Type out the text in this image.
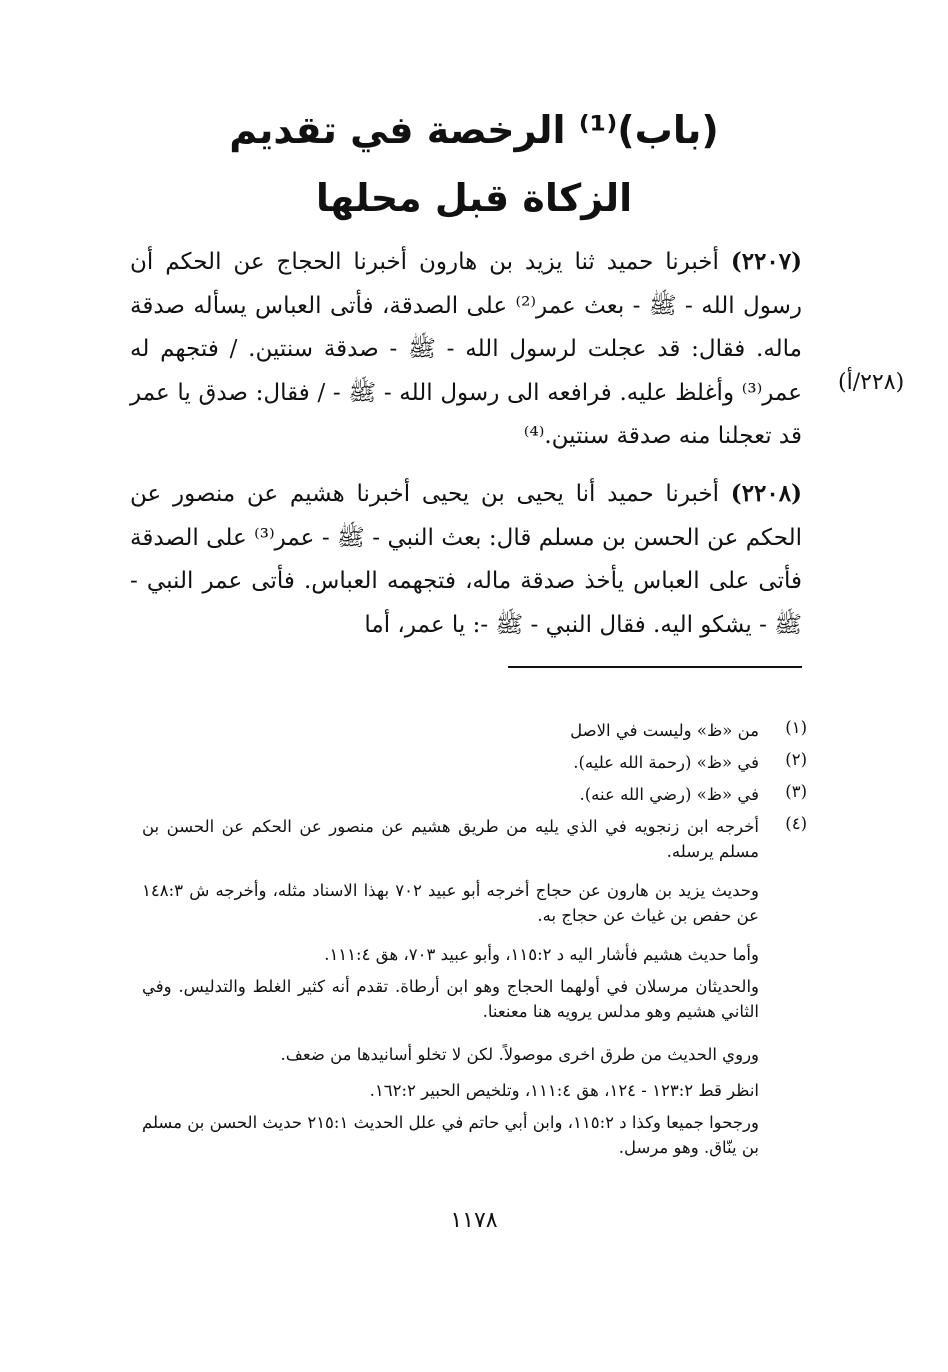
(باب)⁽¹⁾ الرخصة في تقديم
الزكاة قبل محلها
(٢٢٠٧) أخبرنا حميد ثنا يزيد بن هارون أخبرنا الحجاج عن الحكم أن رسول الله - ﷺ - بعث عمر⁽²⁾ على الصدقة، فأتى العباس يسأله صدقة ماله. فقال: قد عجلت لرسول الله - ﷺ - صدقة سنتين. / فتجهم له عمر⁽³⁾ وأغلظ عليه. فرافعه الى رسول الله - ﷺ - / فقال: صدق يا عمر قد تعجلنا منه صدقة سنتين.⁽⁴⁾
(٢٢٨/أ)
(٢٢٠٨) أخبرنا حميد أنا يحيى بن يحيى أخبرنا هشيم عن منصور عن الحكم عن الحسن بن مسلم قال: بعث النبي - ﷺ - عمر⁽³⁾ على الصدقة فأتى على العباس يأخذ صدقة ماله، فتجهمه العباس. فأتى عمر النبي - ﷺ - يشكو اليه. فقال النبي - ﷺ -: يا عمر، أما
(١)
من «ظ» وليست في الاصل
(٢)
في «ظ» (رحمة الله عليه).
(٣)
في «ظ» (رضي الله عنه).
(٤)
أخرجه ابن زنجويه في الذي يليه من طريق هشيم عن منصور عن الحكم عن الحسن بن مسلم يرسله.
وحديث يزيد بن هارون عن حجاج أخرجه أبو عبيد ٧٠٢ بهذا الاسناد مثله، وأخرجه ش ١٤٨:٣ عن حفص بن غياث عن حجاج به.
وأما حديث هشيم فأشار اليه د ١١٥:٢، وأبو عبيد ٧٠٣، هق ١١١:٤.
والحديثان مرسلان في أولهما الحجاج وهو ابن أرطاة. تقدم أنه كثير الغلط والتدليس. وفي الثاني هشيم وهو مدلس يرويه هنا معنعنا.
وروي الحديث من طرق اخرى موصولاً. لكن لا تخلو أسانيدها من ضعف.
انظر قط ١٢٣:٢ - ١٢٤، هق ١١١:٤، وتلخيص الحبير ١٦٢:٢.
ورجحوا جميعا وكذا د ١١٥:٢، وابن أبي حاتم في علل الحديث ٢١٥:١ حديث الحسن بن مسلم بن ينّاق. وهو مرسل.
١١٧٨
